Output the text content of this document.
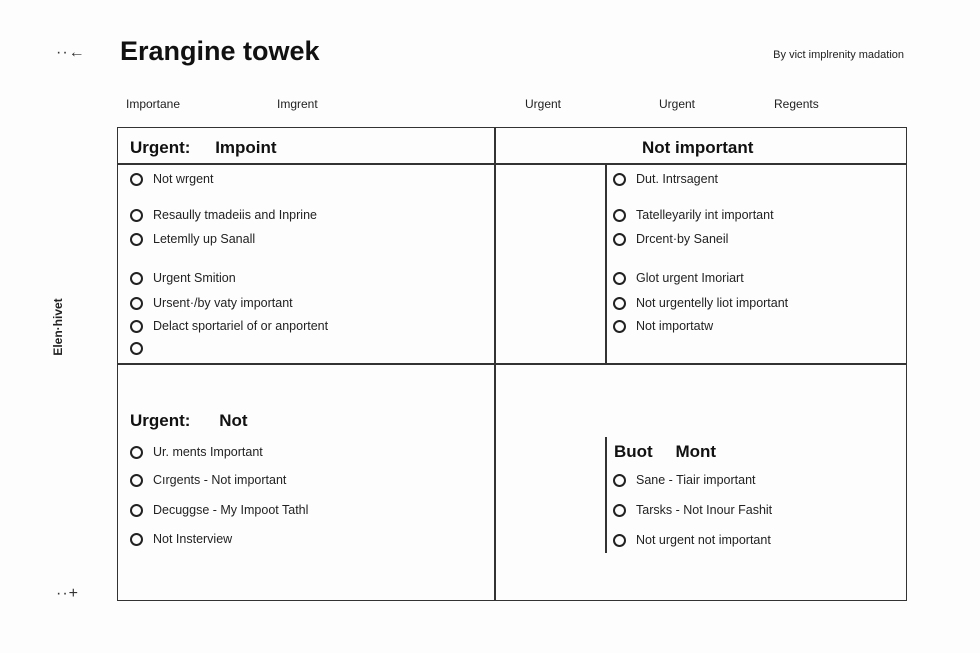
··←
··+
Erangine towek	By vict implrenity madation
Importane	Imgrent	Urgent	Urgent	Regents
Elen·hivet
Urgent: Impoint	Not important
Urgent: Not
Buot Mont
Not wrgent
Resaully tmadeiis and Inprine
Letemlly up Sanall
Urgent Smition
Ursent·/by vaty important
Delact sportariel of or anportent
Dut. Intrsagent
Tatelleyarily int important
Drcent·by Saneil
Glot urgent Imoriart
Not urgentelly liot important
Not importatw
Ur. ments Important
Cırgents - Not important
Decuggse - My Impoot Tathl
Not Insterview
Sane - Tiair important
Tarsks - Not Inour Fashit
Not urgent not important
